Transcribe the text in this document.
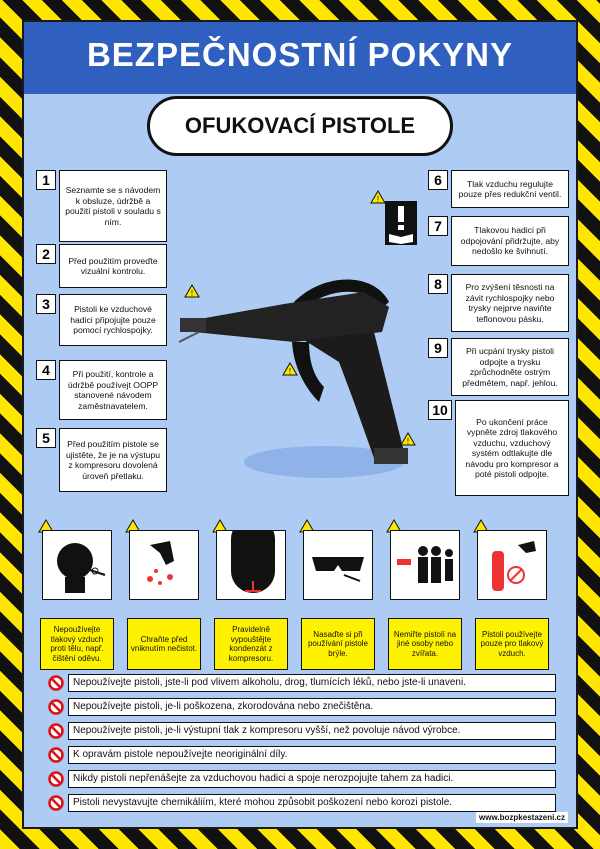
BEZPEČNOSTNÍ POKYNY
OFUKOVACÍ PISTOLE
1
Seznamte se s návodem k obsluze, údržbě a použití pistoli v souladu s ním.
2	Před použitím proveďte vizuální kontrolu.
3	Pistoli ke vzduchové hadici připojujte pouze pomocí rychlospojky.
4	Při použití, kontrole a údržbě používejt OOPP stanovené návodem zaměstnavatelem.
5	Před použitím pistole se ujistěte, že je na výstupu z kompresoru dovolená úroveň přetlaku.
6	Tlak vzduchu regulujte pouze přes redukční ventil.
7	Tlakovou hadici při odpojování přidržujte, aby nedošlo ke švihnutí.
8	Pro zvýšení těsnosti na závit rychlospojky nebo trysky nejprve naviňte teflonovou pásku.
9	Při ucpání trysky pistoli odpojte a trysku zprůchodněte ostrým předmětem, např. jehlou.
10
Po ukončení práce vypněte zdroj tlakového vzduchu, vzduchový systém odtlakujte dle návodu pro kompresor a poté pistoli odpojte.
!
!
!
!
Nepoužívejte tlakový vzduch proti tělu, např. čištění oděvu.
Chraňte před vniknutím nečistot.
Pravidelně vypouštějte kondenzát z kompresoru.
Nasaďte si při používání pistole brýle.
Nemiřte pistolí na jiné osoby nebo zvířata.
Pistoli používejte pouze pro tlakový vzduch.
Nepoužívejte pistoli, jste-li pod vlivem alkoholu, drog, tlumících léků, nebo jste-li unaveni.
Nepoužívejte pistoli, je-li poškozena, zkorodována nebo znečištěna.
Nepoužívejte pistoli, je-li výstupní tlak z kompresoru vyšší, než povoluje návod výrobce.
K opravám pistole nepoužívejte neoriginální díly.
Nikdy pistoli nepřenášejte za vzduchovou hadici a spoje nerozpojujte tahem za hadici.
Pistoli nevystavujte chemikáliím, které mohou způsobit poškození nebo korozi pistole.
www.bozpkestazeni.cz
